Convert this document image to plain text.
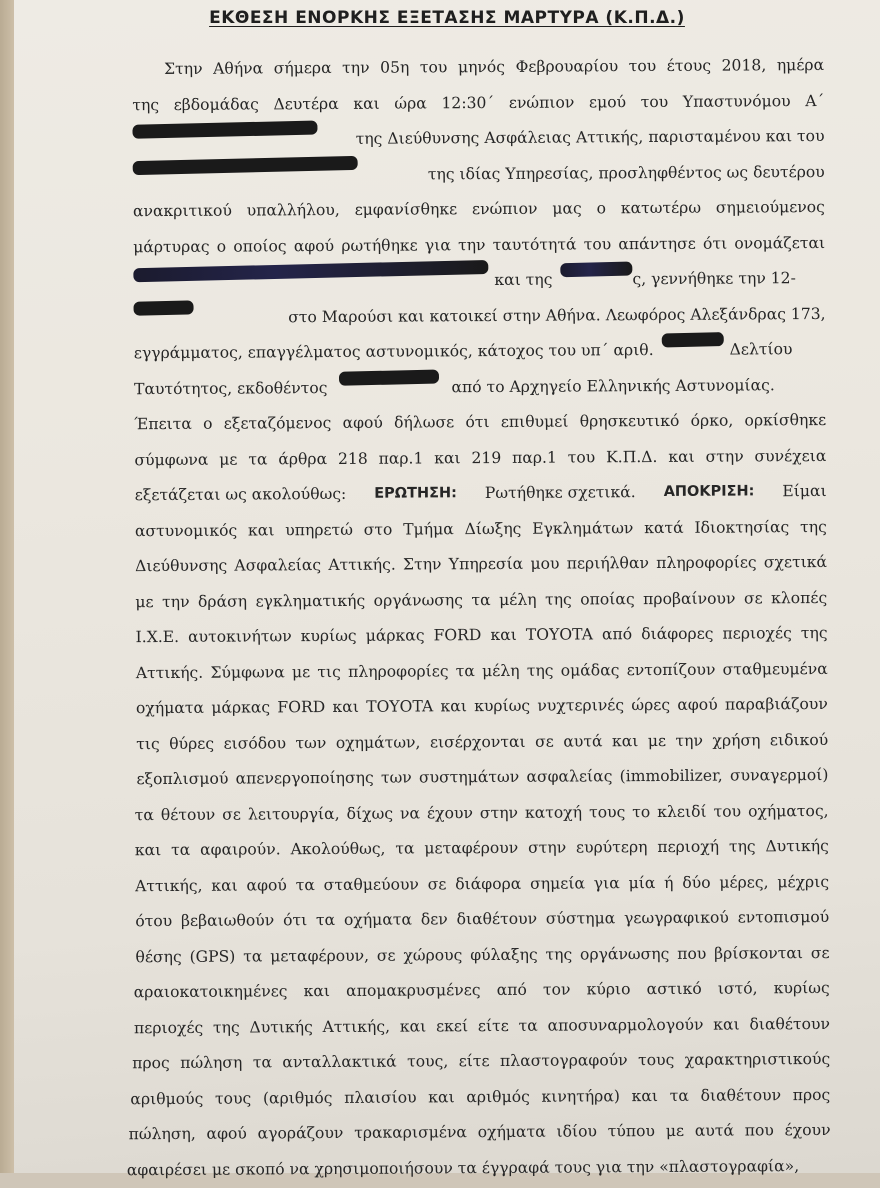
ΕΚΘΕΣΗ ΕΝΟΡΚΗΣ ΕΞΕΤΑΣΗΣ ΜΑΡΤΥΡΑ (Κ.Π.Δ.)
Στην Αθήνα σήμερα την 05η του μηνός Φεβρουαρίου του έτους 2018, ημέρα
της εβδομάδας Δευτέρα και ώρα 12:30΄ ενώπιον εμού του Υπαστυνόμου Α΄
της Διεύθυνσης Ασφάλειας Αττικής, παρισταμένου και του
της ιδίας Υπηρεσίας, προσληφθέντος ως δευτέρου
ανακριτικού υπαλλήλου, εμφανίσθηκε ενώπιον μας ο κατωτέρω σημειούμενος
μάρτυρας ο οποίος αφού ρωτήθηκε για την ταυτότητά του απάντησε ότι ονομάζεται
και της	ς, γεννήθηκε την 12-
στο Μαρούσι και κατοικεί στην Αθήνα. Λεωφόρος Αλεξάνδρας 173,
εγγράμματος, επαγγέλματος αστυνομικός, κάτοχος του υπ΄ αριθ.	Δελτίου
Ταυτότητος, εκδοθέντος	από το Αρχηγείο Ελληνικής Αστυνομίας.
Έπειτα ο εξεταζόμενος αφού δήλωσε ότι επιθυμεί θρησκευτικό όρκο, ορκίσθηκε
σύμφωνα με τα άρθρα 218 παρ.1 και 219 παρ.1 του Κ.Π.Δ. και στην συνέχεια
εξετάζεται ως ακολούθως: ΕΡΩΤΗΣΗ: Ρωτήθηκε σχετικά. ΑΠΟΚΡΙΣΗ: Είμαι
αστυνομικός και υπηρετώ στο Τμήμα Δίωξης Εγκλημάτων κατά Ιδιοκτησίας της
Διεύθυνσης Ασφαλείας Αττικής. Στην Υπηρεσία μου περιήλθαν πληροφορίες σχετικά
με την δράση εγκληματικής οργάνωσης τα μέλη της οποίας προβαίνουν σε κλοπές
Ι.Χ.Ε. αυτοκινήτων κυρίως μάρκας FORD και TOYOTA από διάφορες περιοχές της
Αττικής. Σύμφωνα με τις πληροφορίες τα μέλη της ομάδας εντοπίζουν σταθμευμένα
οχήματα μάρκας FORD και TOYOTA και κυρίως νυχτερινές ώρες αφού παραβιάζουν
τις θύρες εισόδου των οχημάτων, εισέρχονται σε αυτά και με την χρήση ειδικού
εξοπλισμού απενεργοποίησης των συστημάτων ασφαλείας (immobilizer, συναγερμοί)
τα θέτουν σε λειτουργία, δίχως να έχουν στην κατοχή τους το κλειδί του οχήματος,
και τα αφαιρούν. Ακολούθως, τα μεταφέρουν στην ευρύτερη περιοχή της Δυτικής
Αττικής, και αφού τα σταθμεύουν σε διάφορα σημεία για μία ή δύο μέρες, μέχρις
ότου βεβαιωθούν ότι τα οχήματα δεν διαθέτουν σύστημα γεωγραφικού εντοπισμού
θέσης (GPS) τα μεταφέρουν, σε χώρους φύλαξης της οργάνωσης που βρίσκονται σε
αραιοκατοικημένες και απομακρυσμένες από τον κύριο αστικό ιστό, κυρίως
περιοχές της Δυτικής Αττικής, και εκεί είτε τα αποσυναρμολογούν και διαθέτουν
προς πώληση τα ανταλλακτικά τους, είτε πλαστογραφούν τους χαρακτηριστικούς
αριθμούς τους (αριθμός πλαισίου και αριθμός κινητήρα) και τα διαθέτουν προς
πώληση, αφού αγοράζουν τρακαρισμένα οχήματα ιδίου τύπου με αυτά που έχουν
αφαιρέσει με σκοπό να χρησιμοποιήσουν τα έγγραφά τους για την «πλαστογραφία»,
